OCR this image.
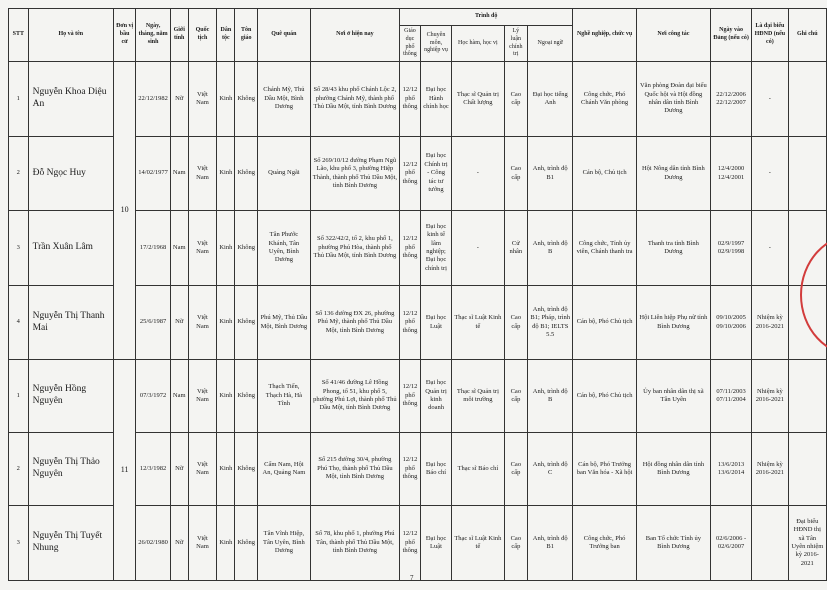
STT	Họ và tên	Đơn vị bầu cử	Ngày, tháng, năm sinh	Giới tính	Quốc tịch	Dân tộc	Tôn giáo	Quê quán	Nơi ở hiện nay	Trình độ					Nghề nghiệp, chức vụ	Nơi công tác	Ngày vào Đảng (nếu có)	Là đại biểu HĐND (nếu có)	Ghi chú
										Giáo dục phổ thông	Chuyên môn, nghiệp vụ	Học hàm, học vị	Lý luận chính trị	Ngoại ngữ					
1	Nguyễn Khoa Diệu An	10	22/12/1982	Nữ	Việt Nam	Kinh	Không	Chánh Mỹ, Thủ Dầu Một, Bình Dương	Số 28/43 khu phố Chánh Lộc 2, phường Chánh Mỹ, thành phố Thủ Dầu Một, tỉnh Bình Dương	12/12 phổ thông	Đại học Hành chính học	Thạc sĩ Quản trị Chất lượng	Cao cấp	Đại học tiếng Anh	Công chức, Phó Chánh Văn phòng	Văn phòng Đoàn đại biểu Quốc hội và Hội đồng nhân dân tỉnh Bình Dương	22/12/2006 22/12/2007	-	
2	Đỗ Ngọc Huy		14/02/1977	Nam	Việt Nam	Kinh	Không	Quảng Ngãi	Số 269/10/12 đường Phạm Ngũ Lão, khu phố 3, phường Hiệp Thành, thành phố Thủ Dầu Một, tỉnh Bình Dương	12/12 phổ thông	Đại học Chính trị - Công tác tư tưởng	-	Cao cấp	Anh, trình độ B1	Cán bộ, Chủ tịch	Hội Nông dân tỉnh Bình Dương	12/4/2000 12/4/2001	-	
3	Trần Xuân Lâm		17/2/1968	Nam	Việt Nam	Kinh	Không	Tân Phước Khánh, Tân Uyên, Bình Dương	Số 322/42/2, tổ 2, khu phố 1, phường Phú Hòa, thành phố Thủ Dầu Một, tỉnh Bình Dương	12/12 phổ thông	Đại học kinh tế lâm nghiệp; Đại học chính trị	-	Cử nhân	Anh, trình độ B	Công chức, Tỉnh ủy viên, Chánh thanh tra	Thanh tra tỉnh Bình Dương	02/9/1997 02/9/1998	-	
4	Nguyễn Thị Thanh Mai		25/6/1987	Nữ	Việt Nam	Kinh	Không	Phú Mỹ, Thủ Dầu Một, Bình Dương	Số 136 đường ĐX 26, phường Phú Mỹ, thành phố Thủ Dầu Một, tỉnh Bình Dương	12/12 phổ thông	Đại học Luật	Thạc sĩ Luật Kinh tế	Cao cấp	Anh, trình độ B1; Pháp, trình độ B1; IELTS 5.5	Cán bộ, Phó Chủ tịch	Hội Liên hiệp Phụ nữ tỉnh Bình Dương	09/10/2005 09/10/2006	Nhiệm kỳ 2016-2021	
1	Nguyễn Hồng Nguyên	11	07/3/1972	Nam	Việt Nam	Kinh	Không	Thạch Tiến, Thạch Hà, Hà Tĩnh	Số 41/46 đường Lê Hồng Phong, tổ 51, khu phố 5, phường Phú Lợi, thành phố Thủ Dầu Một, tỉnh Bình Dương	12/12 phổ thông	Đại học Quản trị kinh doanh	Thạc sĩ Quản trị môi trường	Cao cấp	Anh, trình độ B	Cán bộ, Phó Chủ tịch	Ủy ban nhân dân thị xã Tân Uyên	07/11/2003 07/11/2004	Nhiệm kỳ 2016-2021	
2	Nguyễn Thị Thảo Nguyên		12/3/1982	Nữ	Việt Nam	Kinh	Không	Cẩm Nam, Hội An, Quảng Nam	Số 215 đường 30/4, phường Phú Thọ, thành phố Thủ Dầu Một, tỉnh Bình Dương	12/12 phổ thông	Đại học Báo chí	Thạc sĩ Báo chí	Cao cấp	Anh, trình độ C	Cán bộ, Phó Trưởng ban Văn hóa - Xã hội	Hội đồng nhân dân tỉnh Bình Dương	13/6/2013 13/6/2014	Nhiệm kỳ 2016-2021	
3	Nguyễn Thị Tuyết Nhung		26/02/1980	Nữ	Việt Nam	Kinh	Không	Tân Vĩnh Hiệp, Tân Uyên, Bình Dương	Số 78, khu phố 1, phường Phú Tân, thành phố Thủ Dầu Một, tỉnh Bình Dương	12/12 phổ thông	Đại học Luật	Thạc sĩ Luật Kinh tế	Cao cấp	Anh, trình độ B1	Công chức, Phó Trưởng ban	Ban Tổ chức Tỉnh ủy Bình Dương	02/6/2006 - 02/6/2007		Đại biểu HĐND thị xã Tân Uyên nhiệm kỳ 2016-2021
7
